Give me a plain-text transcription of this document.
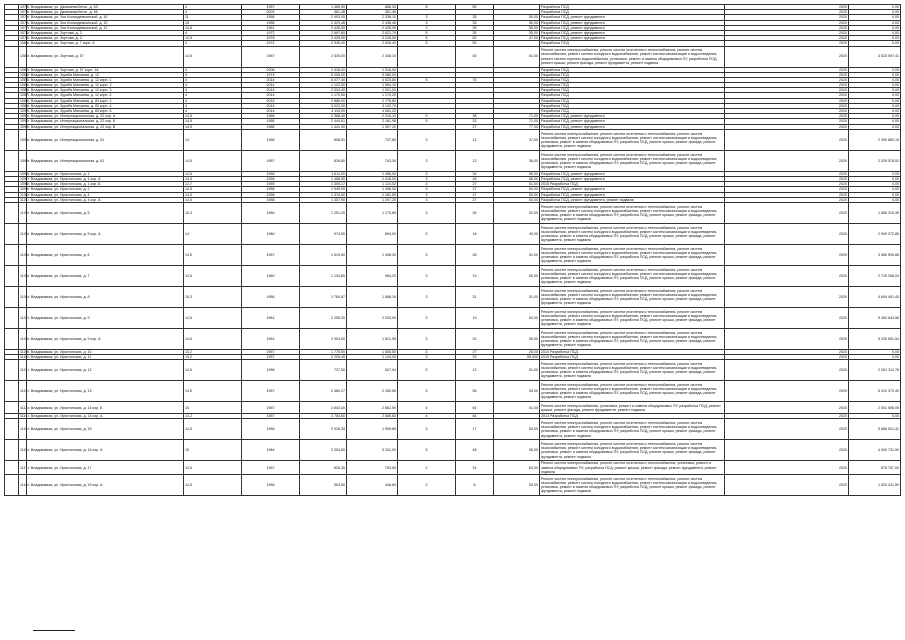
	1073	г. Владикавказ, ул. Джанаева/Хетаг., д. 43	4	1957	1 465,90	866,30	6	50		Разработка ПСД	2020	0,00
	1074	г. Владикавказ, ул. Джанаева/Хетаг., д. 46	4	2002	381,46	381,46				Разработка ПСД	2020	0,00
	1075	г. Владикавказ, ул. Зои Космодемьянской, д. 10	11	1956	2 403,00	2 336,10	3	35	50,00	Разработка ПСД, ремонт фундамента	2020	0,00
	1076	г. Владикавказ, ул. Зои Космодемьянской, д. 10	15	1956	2 429,46	2 336,46	3	35	50,00	Разработка ПСД, ремонт фундамента	2020	0,00
	1077	г. Владикавказ, ул. Зои Космодемьянской, д. 12	14,5	1961	2 426,00	2 426,00	3	35	55,00	Разработка ПСД, ремонт фундамента	2020	0,00
	1078	г. Владикавказ, ул. Зортова, д. 2	4	1972	2 697,60	2 621,70	5	35	55,00	Разработка ПСД, ремонт фундамента	2020	0,00
	1079	г. Владикавказ, ул. Зортова, д. 3	12,5	1978	3 428,90	3 228,00	5	50	47,00	Разработка ПСД, ремонт фундамента	2020	0,00
	1080	г. Владикавказ, ул. Зортова, д. 7 корп. А	4	1974	2 946,40	2 626,40	5	50		Разработка ПСД	2020	0,00
	1081	г. Владикавказ, ул. Зортова, д. 57	14,5	1967	2 525,00	2 346,10		45	51,00	Ремонт систем электроснабжения, ремонт систем отопления и теплоснабжения, ремонт систем газоснабжения, ремонт систем холодного водоснабжения, ремонт систем канализации и водоотведения, ремонт систем горячего водоснабжения, установка, ремонт и замена общедомовых ПУ, разработка ПСД, ремонт крыши, ремонт фасада, ремонт фундамента, ремонт подвала	2020	3 523 597,41
	1082	г. Владикавказ, ул. Зортова, д. 57 корп. 1А	4	2006	2 416,00	1 316,00				Разработка ПСД	2020	0,00
	1083	г. Владикавказ, ул. Зураба Магкаева, д. 12	4	1974	5 205,00	5 080,00				Разработка ПСД	2020	0,00
	1084	г. Владикавказ, ул. Зураба Магкаева, д. 12 корп. 1	4	2014	5 077,40	4 523,80	5	75		Разработка ПСД	2020	0,00
	1085	г. Владикавказ, ул. Зураба Магкаева, д. 12 корп. 2	4	2014	1 122,50	1 084,10				Разработка ПСД	2020	0,00
	1086	г. Владикавказ, ул. Зураба Магкаева, д. 12 корп. 3	4	2014	2 024,40	1 921,00				Разработка ПСД	2020	0,00
	1087	г. Владикавказ, ул. Зураба Магкаева, д. 12 корп. 4	4	2014	1 170,50	1 170,20				Разработка ПСД	2020	0,00
	1088	г. Владикавказ, ул. Зураба Магкаева, д. 83 корп. 2	4	2015	2 886,00	2 776,80				Разработка ПСД	2020	0,00
	1089	г. Владикавказ, ул. Зураба Магкаева, д. 83 корп. 4	4	2014	3 022,30	3 142,70				Разработка ПСД	2020	0,00
	1090	г. Владикавказ, ул. Зураба Магкаева, д. 83 корп. 6	4	2014	4 115,00	4 081,20				Разработка ПСД	2020	0,00
	1091	г. Владикавказ, ул. Интернациональная, д. 22 кор. А	14,5	1966	2 388,40	2 216,10	5	38	71,00	Разработка ПСД, ремонт фундамента	2020	0,00
	1092	г. Владикавказ, ул. Интернациональная, д. 22 кор. Б	14,5	1966	2 444,61	2 181,98	5	33	71,00	Разработка ПСД, ремонт фундамента	2020	0,00
	1093	г. Владикавказ, ул. Интернациональная, д. 22 кор. В	14,5	1966	1 441,90	1 307,20		27	77,00	Разработка ПСД, ремонт фундамента	2020	0,00
	1094	г. Владикавказ, ул. Интернациональная, д. 51	14	1958	808,91	737,80	3	12	37,00	Ремонт систем электроснабжения, ремонт систем отопления и теплоснабжения, ремонт систем газоснабжения, ремонт систем холодного водоснабжения, ремонт систем канализации и водоотведения, установка, ремонт и замена общедомовых ПУ, разработка ПСД, ремонт крыши, ремонт фасада, ремонт фундамента, ремонт подвала	2020	2 399 880,15
	1095	г. Владикавказ, ул. Интернациональная, д. 61	14,5	1957	828,60	743,30	3	12	36,00	Ремонт систем электроснабжения, ремонт систем отопления и теплоснабжения, ремонт систем газоснабжения, ремонт систем холодного водоснабжения, ремонт систем канализации и водоотведения, установка, ремонт и замена общедомовых ПУ, разработка ПСД, ремонт крыши, ремонт фасада, ремонт фундамента, ремонт подвала	2020	2 329 578,52
	1096	г. Владикавказ, ул. Иристонская, д. 1	14,5	1958	1 611,00	1 456,00	3	34	55,00	Разработка ПСД, ремонт фундамента	2020	0,00
	1097	г. Владикавказ, ул. Иристонская, д. 1 кор. А	14,5	1958	1 486,90	1 418,00	3	26	56,00	Разработка ПСД, ремонт фундамента	2020	0,00
	1098	г. Владикавказ, ул. Иристонская, д. 1 кор. Б	12,7	1959	1 305,17	1 124,02	3	27	51,00	2015 Разработка ПСД	2020	0,00
	1099	г. Владикавказ, ул. Иристонская, д. 2	14,5	1958	1 549,00	1 456,00	3	27	60,00	Разработка ПСД, ремонт фундамента	2020	0,00
	1100	г. Владикавказ, ул. Иристонская, д. 4	14,5	1958	1 376,60	1 181,80	3	27	50,00	Разработка ПСД, ремонт фундамента	2020	0,00
	1101	г. Владикавказ, ул. Иристонская, д. 4 кор. А	14,5	1958	1 357,90	1 207,20	3	27	60,00	Разработка ПСД, ремонт фундамента, ремонт подвала	2020	0,00
	1102	г. Владикавказ, ул. Иристонская, д. 5	15,3	1960	1 291,20	1 170,80	3	26	52,00	Ремонт систем электроснабжения, ремонт систем отопления и теплоснабжения, ремонт систем газоснабжения, ремонт систем холодного водоснабжения, ремонт систем канализации и водоотведения, установка, ремонт и замена общедомовых ПУ, разработка ПСД, ремонт крыши, ремонт фасада, ремонт фундамента, ремонт подвала	2020	1 556 315,35
	1103	г. Владикавказ, ул. Иристонская, д. 5 кор. А	14	1960	974,50	894,00	3	18	49,00	Ремонт систем электроснабжения, ремонт систем отопления и теплоснабжения, ремонт систем газоснабжения, ремонт систем холодного водоснабжения, ремонт систем канализации и водоотведения, установка, ремонт и замена общедомовых ПУ, разработка ПСД, ремонт крыши, ремонт фасада, ремонт фундамента, ремонт подвала	2020	2 949 272,85
	1104	г. Владикавказ, ул. Иристонская, д. 6	14,5	1957	1 519,50	1 408,30	3	28	51,00	Ремонт систем электроснабжения, ремонт систем отопления и теплоснабжения, ремонт систем газоснабжения, ремонт систем холодного водоснабжения, ремонт систем канализации и водоотведения, установка, ремонт и замена общедомовых ПУ, разработка ПСД, ремонт крыши, ремонт фасада, ремонт фундамента, ремонт подвала	2020	3 580 599,86
	1105	г. Владикавказ, ул. Иристонская, д. 7	14,5	1960	1 134,60	964,20	3	15	60,00	Ремонт систем электроснабжения, ремонт систем отопления и теплоснабжения, ремонт систем газоснабжения, ремонт систем холодного водоснабжения, ремонт систем канализации и водоотведения, установка, ремонт и замена общедомовых ПУ, разработка ПСД, ремонт крыши, ремонт фасада, ремонт фундамента, ремонт подвала	2020	2 719 266,04
	1106	г. Владикавказ, ул. Иристонская, д. 8	15,3	1956	1 760,87	1 668,16	3	31	51,00	Ремонт систем электроснабжения, ремонт систем отопления и теплоснабжения, ремонт систем газоснабжения, ремонт систем холодного водоснабжения, ремонт систем канализации и водоотведения, установка, ремонт и замена общедомовых ПУ, разработка ПСД, ремонт крыши, ремонт фасада, ремонт фундамента, ремонт подвала	2020	4 604 451,45
	1107	г. Владикавказ, ул. Иристонская, д. 9	14,5	1961	2 255,30	2 033,00	3	19	54,00	Ремонт систем электроснабжения, ремонт систем отопления и теплоснабжения, ремонт систем газоснабжения, ремонт систем холодного водоснабжения, ремонт систем канализации и водоотведения, установка, ремонт и замена общедомовых ПУ, разработка ПСД, ремонт крыши, ремонт фасада, ремонт фундамента, ремонт подвала	2020	5 453 643,56
	1108	г. Владикавказ, ул. Иристонская, д. 9 кор. А	14,5	1961	2 003,00	1 821,95	3	32	55,00	Ремонт систем электроснабжения, ремонт систем отопления и теплоснабжения, ремонт систем газоснабжения, ремонт систем холодного водоснабжения, ремонт систем канализации и водоотведения, установка, ремонт и замена общедомовых ПУ, разработка ПСД, ремонт крыши, ремонт фасада, ремонт фундамента, ремонт подвала	2020	5 230 651,54
	1109	г. Владикавказ, ул. Иристонская, д. 10	13,2	1957	1 778,50	1 655,50	3	27	26,00	2010 Разработка ПСД	2020	0,00
	1110	г. Владикавказ, ул. Иристонская, д. 11	13,2	1957	2 205,45	1 144,00	3	33	55,000	2015 Разработка ПСД	2020	0,00
	1111	г. Владикавказ, ул. Иристонская, д. 12	14,5	1956	737,50	627,04	3	13	51,00	Ремонт систем электроснабжения, ремонт систем отопления и теплоснабжения, ремонт систем газоснабжения, ремонт систем холодного водоснабжения, ремонт систем канализации и водоотведения, установка, ремонт и замена общедомовых ПУ, разработка ПСД, ремонт крыши, ремонт фасада, ремонт фундамента, ремонт подвала	2020	2 001 311,76
	1112	г. Владикавказ, ул. Иристонская, д. 13	14,5	1957	2 480,27	2 180,56	5	58	53,00	Ремонт систем электроснабжения, ремонт систем отопления и теплоснабжения, ремонт систем газоснабжения, ремонт систем холодного водоснабжения, ремонт систем канализации и водоотведения, установка, ремонт и замена общедомовых ПУ, разработка ПСД, ремонт крыши, ремонт фасада, ремонт фундамента, ремонт подвала	2020	6 010 373,40
	1113	г. Владикавказ, ул. Иристонская, д. 14 кор. Б	15	1957	2 843,40	2 662,50	4	64	51,00	Ремонт систем электроснабжения, установка, ремонт и замена общедомовых ПУ, разработка ПСД, ремонт крыши, ремонт фасада, ремонт фундамента, ремонт подвала	2020	2 001 506,05
	1114	г. Владикавказ, ул. Иристонская, д. 14 кор. А	13,2	1957	2 784,60	2 685,60	4	64		2013 Разработка ПСД	2020	0,00
	1115	г. Владикавказ, ул. Иристонская, д. 15	14,5	1958	2 026,39	1 909,80	3	17	54,00	Ремонт систем электроснабжения, ремонт систем отопления и теплоснабжения, ремонт систем газоснабжения, ремонт систем холодного водоснабжения, ремонт систем канализации и водоотведения, установка, ремонт и замена общедомовых ПУ, разработка ПСД, ремонт крыши, ремонт фасада, ремонт фундамента, ремонт подвала	2020	5 666 521,41
	1116	г. Владикавказ, ул. Иристонская, д. 16 кор. А	15	1964	3 303,60	3 151,00	5	48	55,00	Ремонт систем электроснабжения, ремонт систем отопления и теплоснабжения, ремонт систем газоснабжения, ремонт систем холодного водоснабжения, ремонт систем канализации и водоотведения, установка, ремонт и замена общедомовых ПУ, разработка ПСД, ремонт крыши, ремонт фасада, ремонт фундамента, ремонт подвала	2020	4 545 731,90
	1117	г. Владикавказ, ул. Иристонская, д. 17	14,5	1957	826,30	753,50	2	24	64,00	Ремонт систем электроснабжения, ремонт систем отопления и теплоснабжения, установка, ремонт и замена общедомовых ПУ, разработка ПСД, ремонт крыши, ремонт фасада, ремонт фундамента, ремонт подвала	2020	875 757,00
	1118	г. Владикавказ, ул. Иристонская, д. 19 кор. А	14,5	1958	563,50	446,60	2	8	53,00	Ремонт систем электроснабжения, ремонт систем отопления и теплоснабжения, ремонт систем газоснабжения, ремонт систем холодного водоснабжения, ремонт систем канализации и водоотведения, установка, ремонт и замена общедомовых ПУ, разработка ПСД, ремонт крыши, ремонт фасада, ремонт фундамента, ремонт подвала	2020	1 403 341,50
